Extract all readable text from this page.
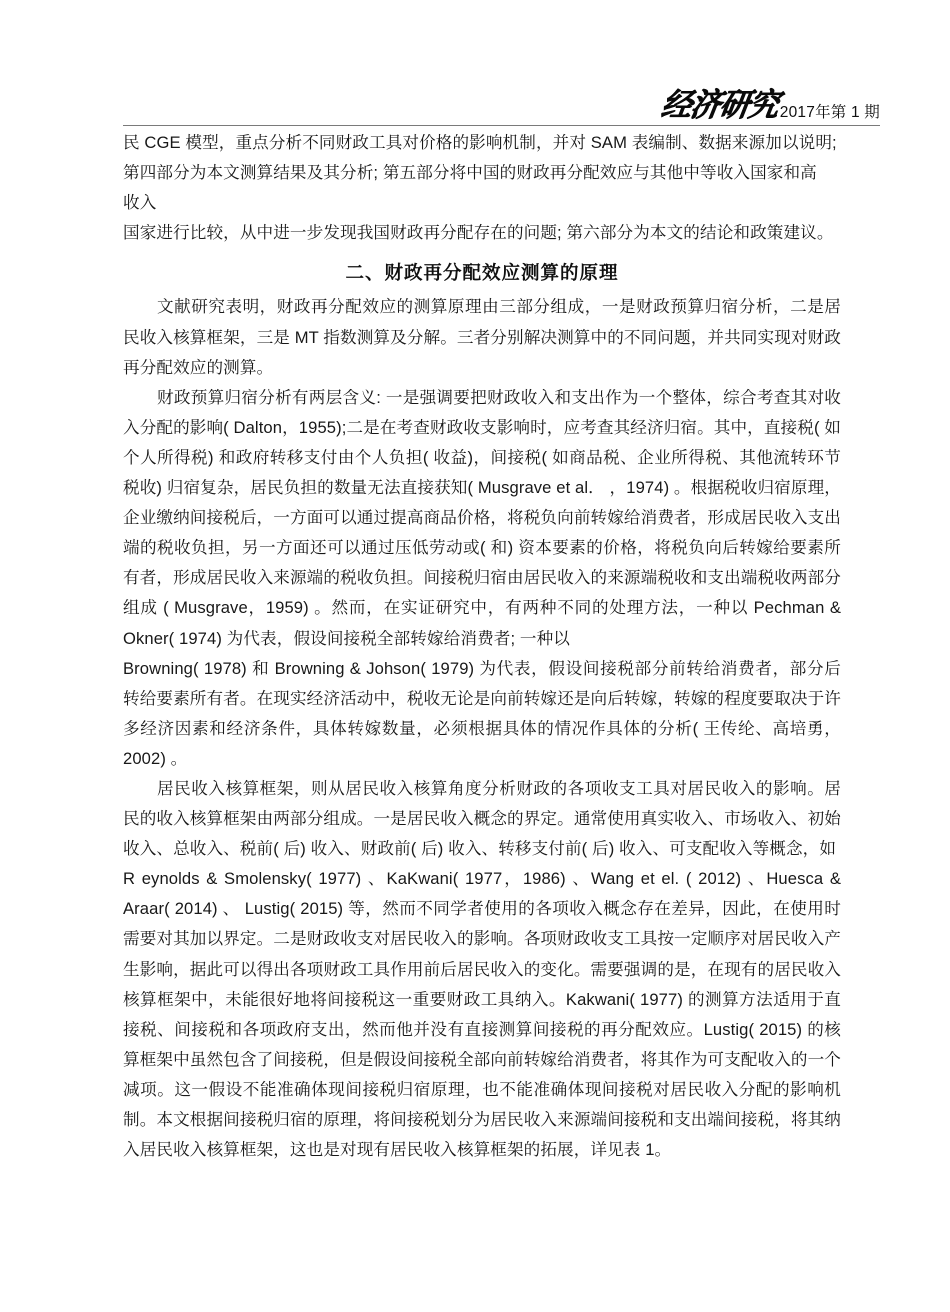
经济研究 2017年第 1 期

民 CGE 模型，重点分析不同财政工具对价格的影响机制，并对 SAM 表编制、数据来源加以说明;

第四部分为本文测算结果及其分析; 第五部分将中国的财政再分配效应与其他中等收入国家和高

收入

国家进行比较，从中进一步发现我国财政再分配存在的问题; 第六部分为本文的结论和政策建议。

二、财政再分配效应测算的原理

文献研究表明，财政再分配效应的测算原理由三部分组成，一是财政预算归宿分析，二是居民收入核算框架，三是 MT 指数测算及分解。三者分别解决测算中的不同问题，并共同实现对财政再分配效应的测算。

财政预算归宿分析有两层含义: 一是强调要把财政收入和支出作为一个整体，综合考查其对收入分配的影响( Dalton，1955);二是在考查财政收支影响时，应考查其经济归宿。其中，直接税( 如个人所得税) 和政府转移支付由个人负担( 收益)，间接税( 如商品税、企业所得税、其他流转环节税收) 归宿复杂，居民负担的数量无法直接获知( Musgrave et al． ，1974) 。根据税收归宿原理，企业缴纳间接税后，一方面可以通过提高商品价格，将税负向前转嫁给消费者，形成居民收入支出端的税收负担，另一方面还可以通过压低劳动或( 和) 资本要素的价格，将税负向后转嫁给要素所有者，形成居民收入来源端的税收负担。间接税归宿由居民收入的来源端税收和支出端税收两部分组成 ( Musgrave，1959) 。然而，在实证研究中，有两种不同的处理方法，一种以 Pechman & Okner( 1974) 为代表，假设间接税全部转嫁给消费者; 一种以

Browning( 1978) 和 Browning & Johson( 1979) 为代表，假设间接税部分前转给消费者，部分后转给要素所有者。在现实经济活动中，税收无论是向前转嫁还是向后转嫁，转嫁的程度要取决于许多经济因素和经济条件，具体转嫁数量，必须根据具体的情况作具体的分析( 王传纶、高培勇，2002) 。

居民收入核算框架，则从居民收入核算角度分析财政的各项收支工具对居民收入的影响。居民的收入核算框架由两部分组成。一是居民收入概念的界定。通常使用真实收入、市场收入、初始收入、总收入、税前( 后) 收入、财政前( 后) 收入、转移支付前( 后) 收入、可支配收入等概念，如

R eynolds & Smolensky( 1977) 、KaKwani( 1977，1986) 、Wang et el. ( 2012) 、Huesca & Araar( 2014) 、 Lustig( 2015) 等，然而不同学者使用的各项收入概念存在差异，因此，在使用时需要对其加以界定。二是财政收支对居民收入的影响。各项财政收支工具按一定顺序对居民收入产生影响，据此可以得出各项财政工具作用前后居民收入的变化。需要强调的是，在现有的居民收入核算框架中，未能很好地将间接税这一重要财政工具纳入。Kakwani( 1977) 的测算方法适用于直接税、间接税和各项政府支出，然而他并没有直接测算间接税的再分配效应。Lustig( 2015) 的核算框架中虽然包含了间接税，但是假设间接税全部向前转嫁给消费者，将其作为可支配收入的一个减项。这一假设不能准确体现间接税归宿原理，也不能准确体现间接税对居民收入分配的影响机制。本文根据间接税归宿的原理，将间接税划分为居民收入来源端间接税和支出端间接税，将其纳入居民收入核算框架，这也是对现有居民收入核算框架的拓展，详见表 1。
